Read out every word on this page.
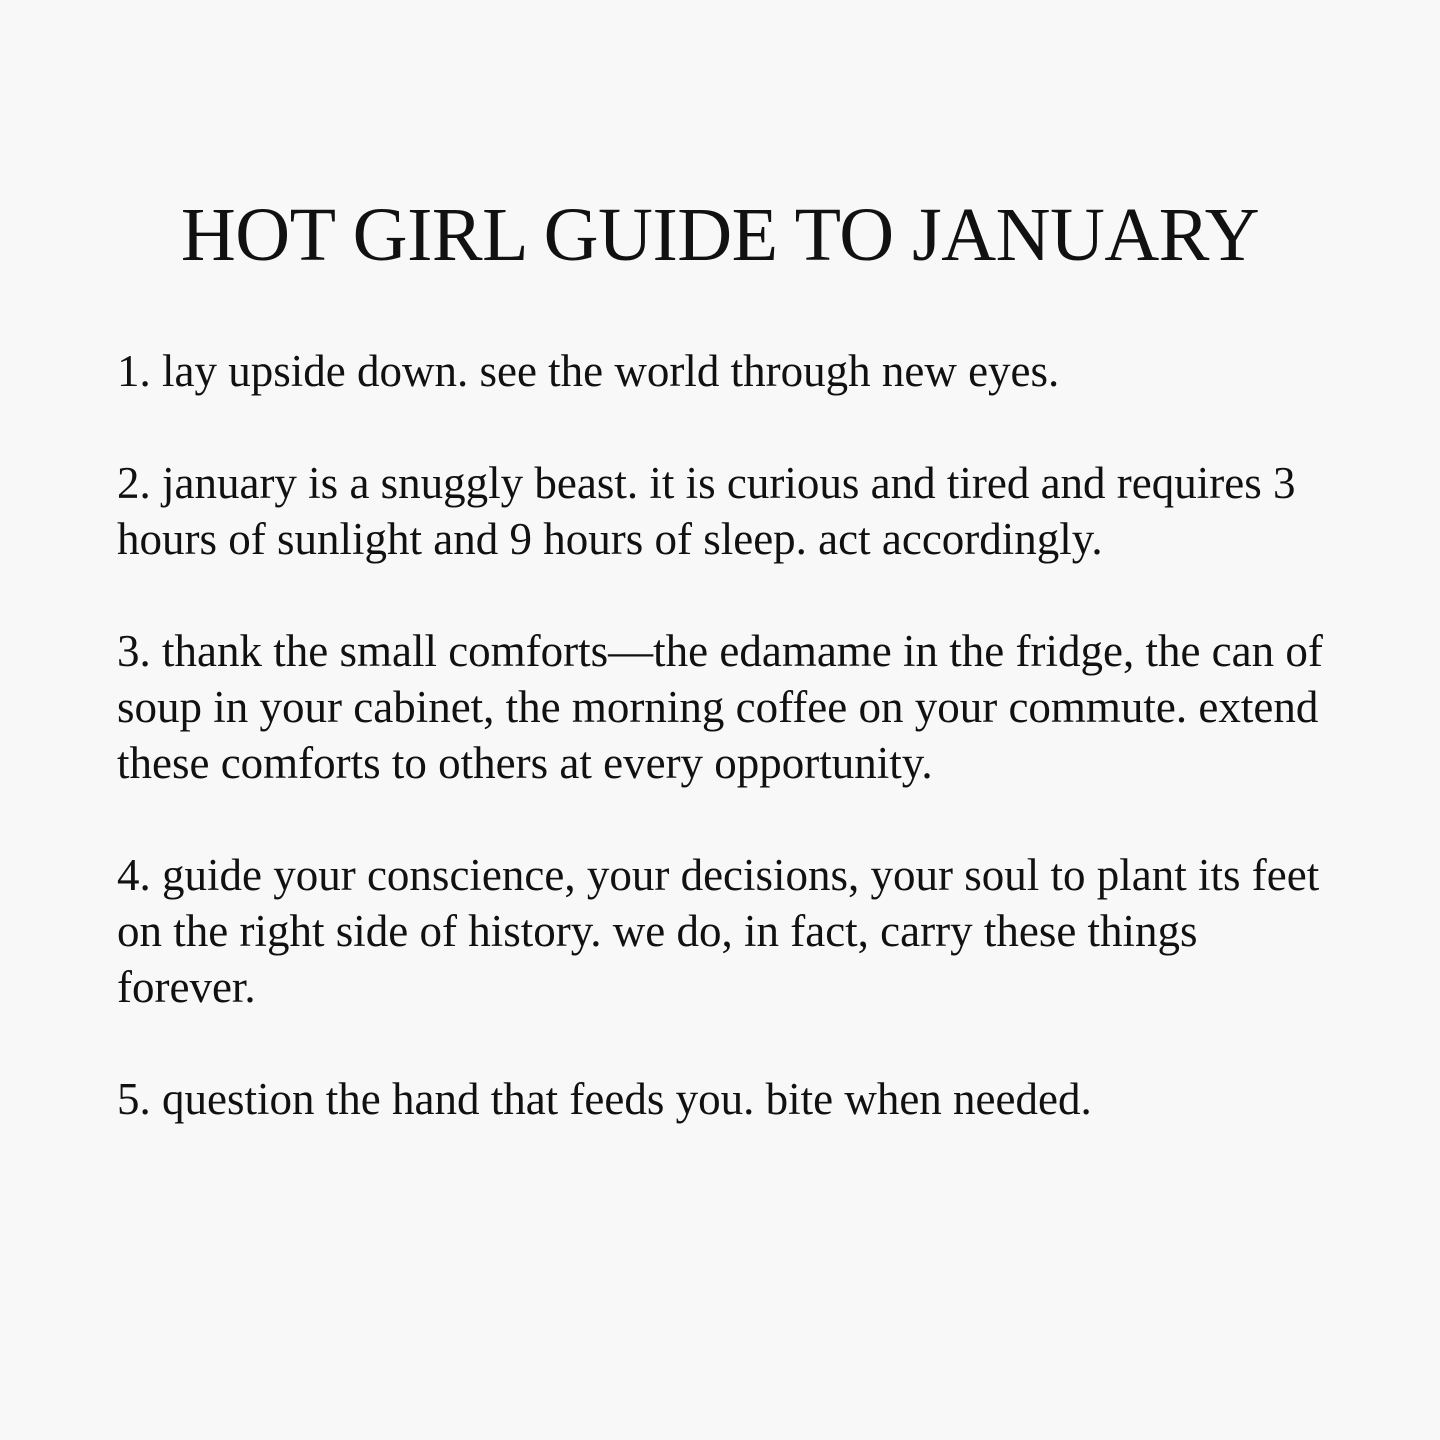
HOT GIRL GUIDE TO JANUARY
1. lay upside down. see the world through new eyes.
2. january is a snuggly beast. it is curious and tired and requires 3 hours of sunlight and 9 hours of sleep. act accordingly.
3. thank the small comforts—the edamame in the fridge, the can of soup in your cabinet, the morning coffee on your commute. extend these comforts to others at every opportunity.
4. guide your conscience, your decisions, your soul to plant its feet on the right side of history. we do, in fact, carry these things forever.
5. question the hand that feeds you. bite when needed.
